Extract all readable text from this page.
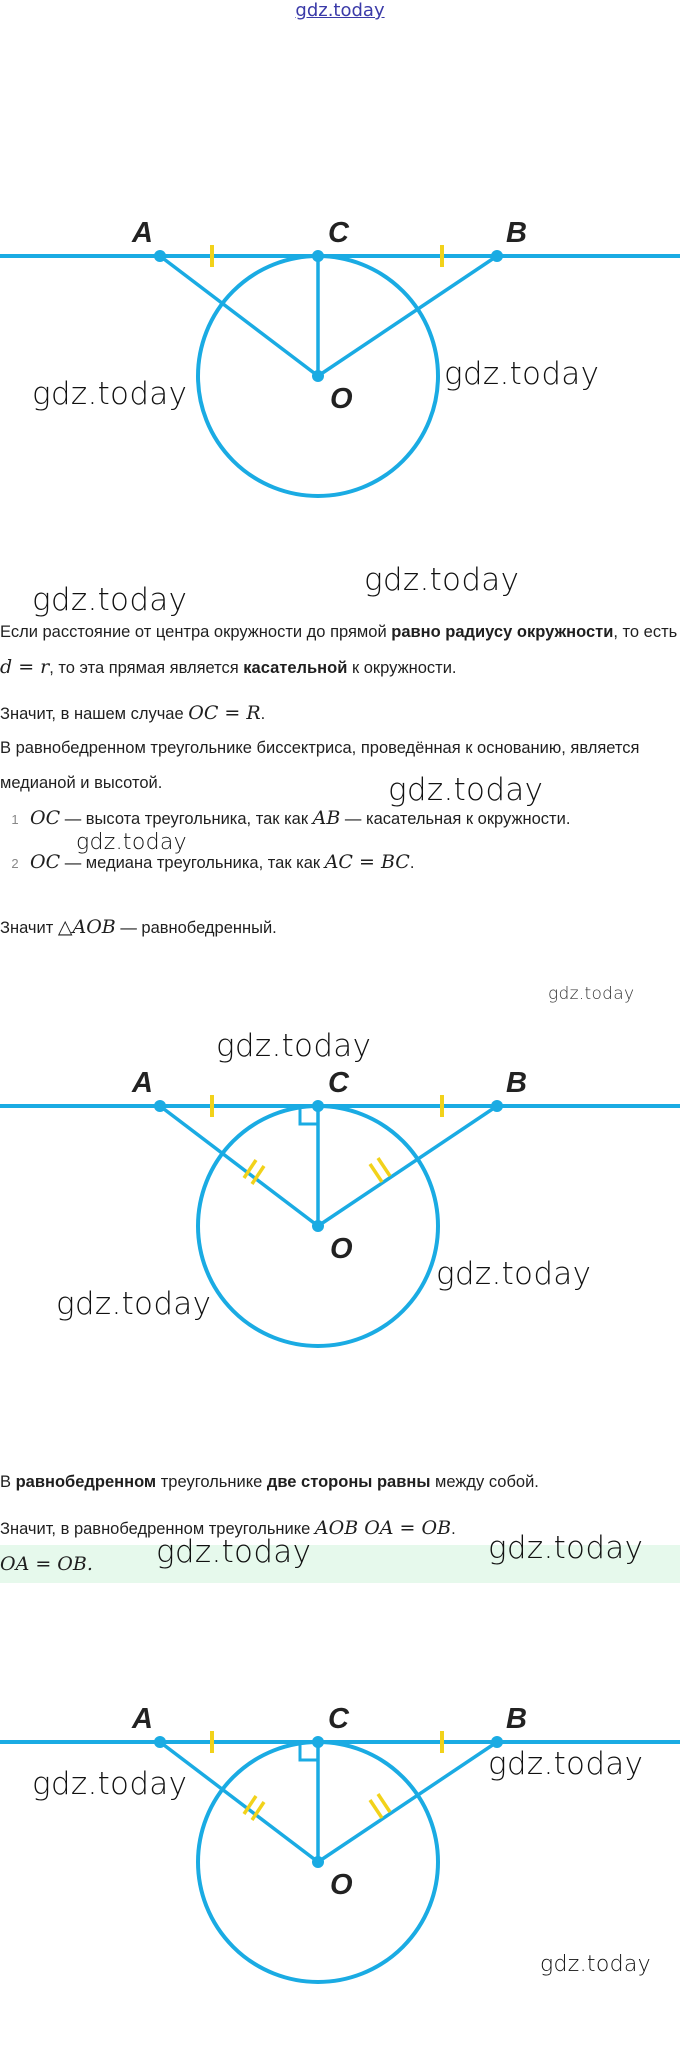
gdz.today
A	C	B
O
A	C	B
O
A	C	B
O
Если расстояние от центра окружности до прямой равно радиусу окружности, то есть d = r, то эта прямая является касательной к окружности.
Значит, в нашем случае OC = R.
В равнобедренном треугольнике биссектриса, проведённая к основанию, является медианой и высотой.
1 OC — высота треугольника, так как AB — касательная к окружности.
2 OC — медиана треугольника, так как AC = BC.
Значит △AOB — равнобедренный.
В равнобедренном треугольнике две стороны равны между собой.
Значит, в равнобедренном треугольнике AOB OA = OB.
OA = OB.
gdz.today
gdz.today
gdz.today
gdz.today
gdz.today
gdz.today
gdz.today
gdz.today
gdz.today
gdz.today
gdz.today	gdz.today
gdz.today
gdz.today
gdz.today
